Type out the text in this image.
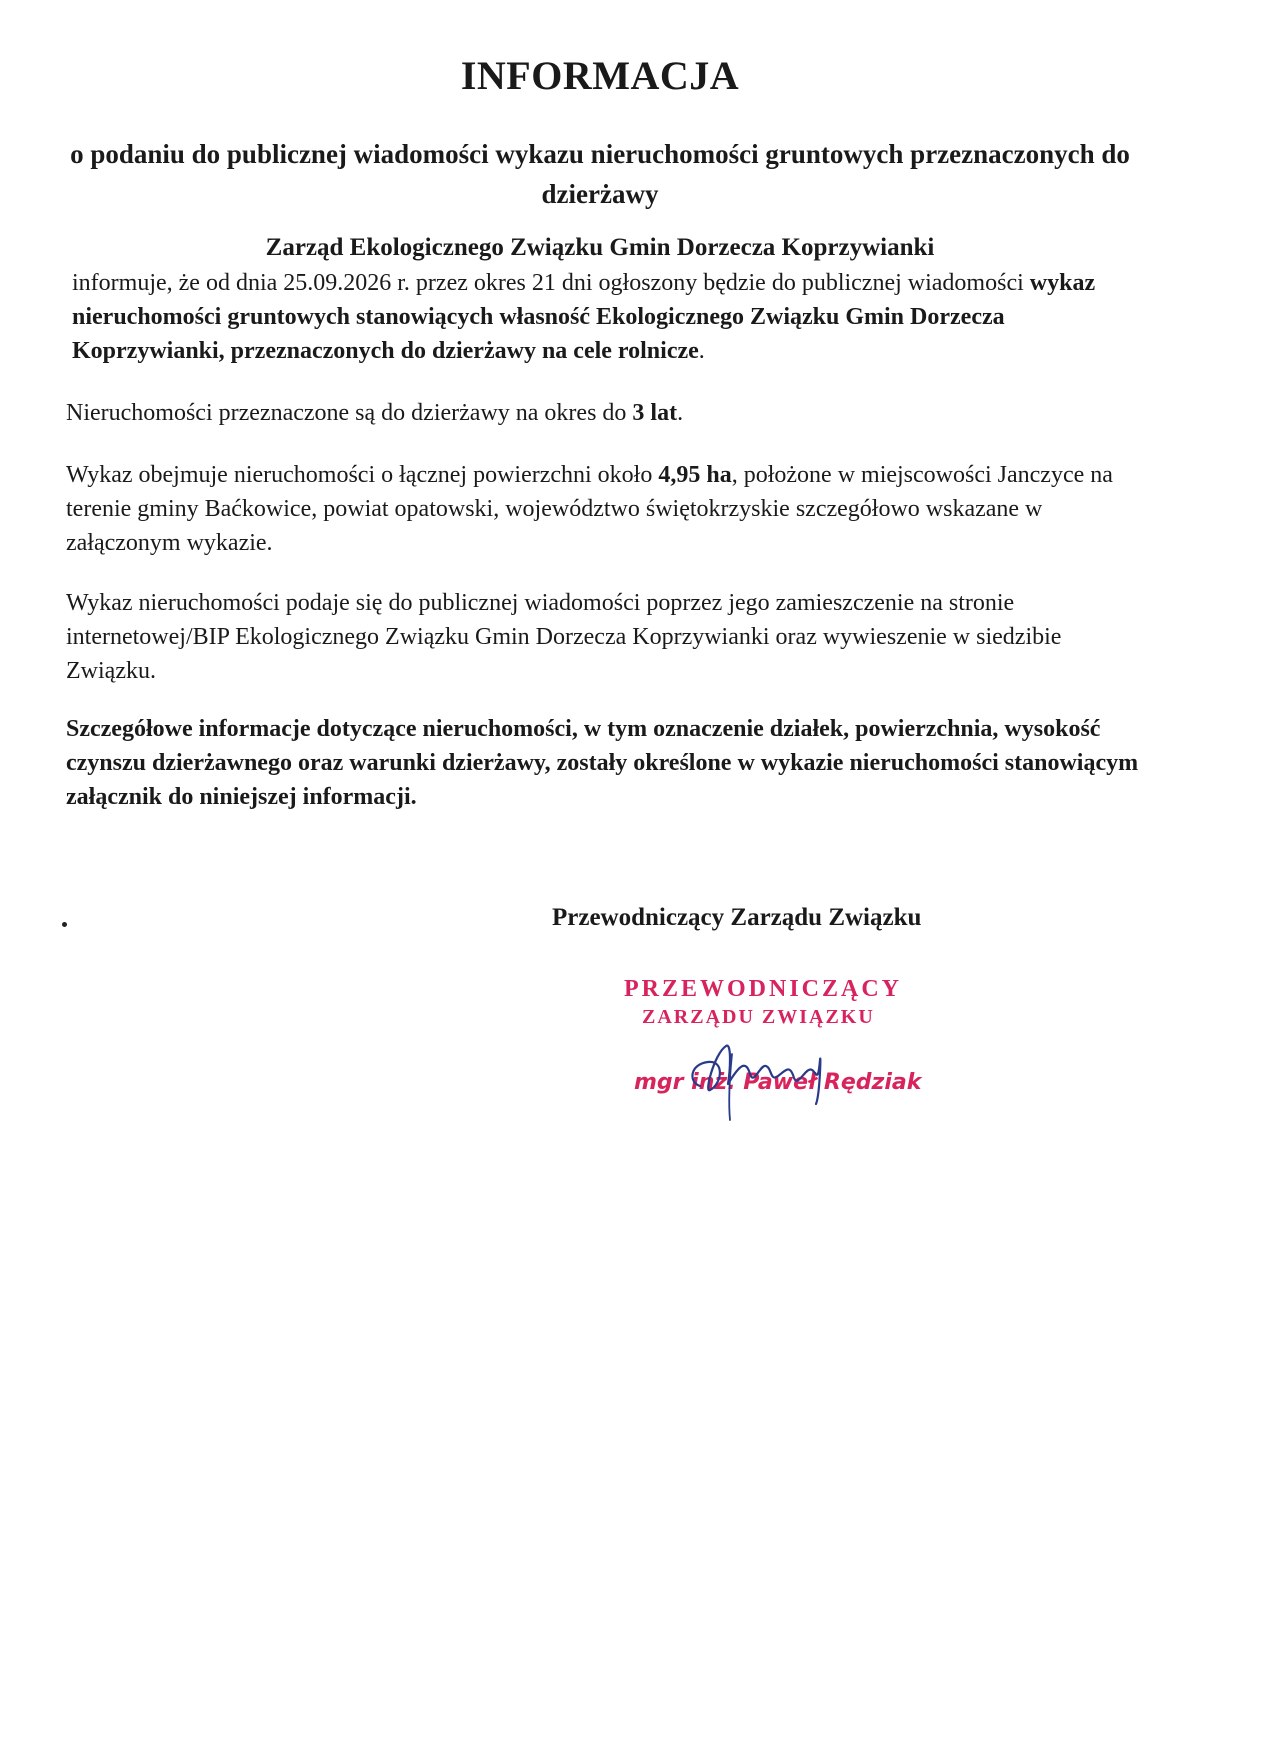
INFORMACJA
o podaniu do publicznej wiadomości wykazu nieruchomości gruntowych przeznaczonych do dzierżawy

Zarząd Ekologicznego Związku Gmin Dorzecza Koprzywianki

informuje, że od dnia 25.09.2026 r. przez okres 21 dni ogłoszony będzie do publicznej wiadomości wykaz nieruchomości gruntowych stanowiących własność Ekologicznego Związku Gmin Dorzecza Koprzywianki, przeznaczonych do dzierżawy na cele rolnicze.

Nieruchomości przeznaczone są do dzierżawy na okres do 3 lat.

Wykaz obejmuje nieruchomości o łącznej powierzchni około 4,95 ha, położone w miejscowości Janczyce na terenie gminy Baćkowice, powiat opatowski, województwo świętokrzyskie szczegółowo wskazane w załączonym wykazie.

Wykaz nieruchomości podaje się do publicznej wiadomości poprzez jego zamieszczenie na stronie internetowej/BIP Ekologicznego Związku Gmin Dorzecza Koprzywianki oraz wywieszenie w siedzibie Związku.

Szczegółowe informacje dotyczące nieruchomości, w tym oznaczenie działek, powierzchnia, wysokość czynszu dzierżawnego oraz warunki dzierżawy, zostały określone w wykazie nieruchomości stanowiącym załącznik do niniejszej informacji.

Przewodniczący Zarządu Związku

PRZEWODNICZĄCY
ZARZĄDU ZWIĄZKU
mgr inż. Paweł Rędziak
